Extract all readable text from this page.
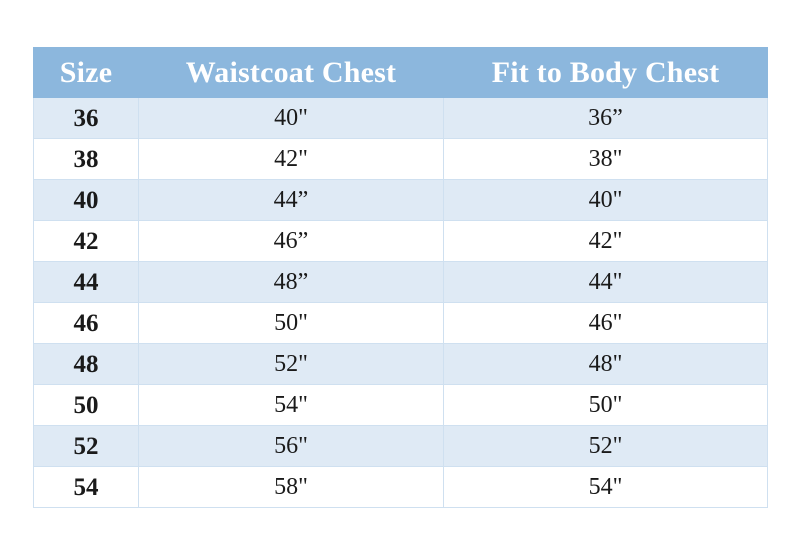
Size	Waistcoat Chest	Fit to Body Chest
36	40"	36”
38	42"	38"
40	44”	40"
42	46”	42"
44	48”	44"
46	50"	46"
48	52"	48"
50	54"	50"
52	56"	52"
54	58"	54"
